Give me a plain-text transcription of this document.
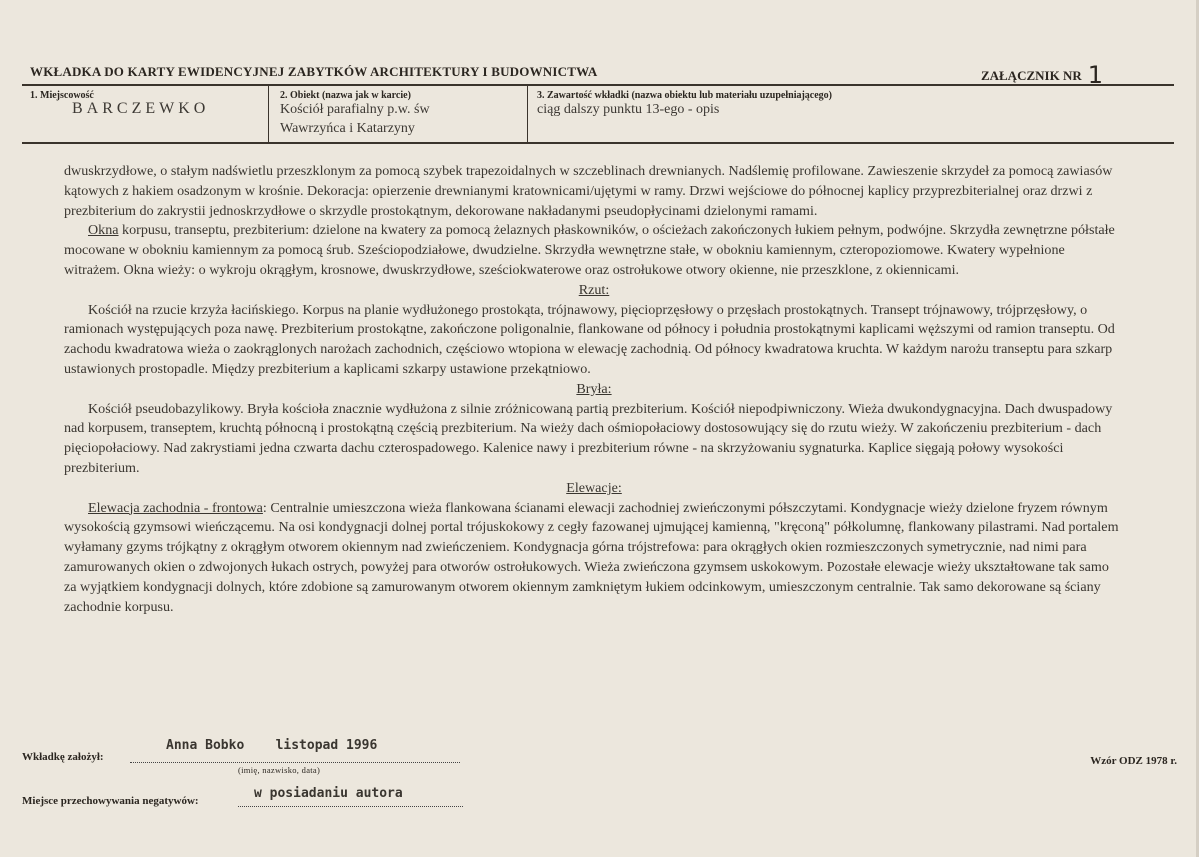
WKŁADKA DO KARTY EWIDENCYJNEJ ZABYTKÓW ARCHITEKTURY I BUDOWNICTWA	ZAŁĄCZNIK NR 1
1. Miejscowość
BARCZEWKO
2. Obiekt (nazwa jak w karcie)
Kościół parafialny p.w. św
Wawrzyńca i Katarzyny
3. Zawartość wkładki (nazwa obiektu lub materiału uzupełniającego)
ciąg dalszy punktu 13-ego - opis

dwuskrzydłowe, o stałym nadświetlu przeszklonym za pomocą szybek trapezoidalnych w szczeblinach drewnianych. Nadślemię profilowane. Zawieszenie skrzydeł za pomocą zawiasów kątowych z hakiem osadzonym w krośnie. Dekoracja: opierzenie drewnianymi kratownicami/ujętymi w ramy. Drzwi wejściowe do północnej kaplicy przyprezbiterialnej oraz drzwi z prezbiterium do zakrystii jednoskrzydłowe o skrzydle prostokątnym, dekorowane nakładanymi pseudopłycinami dzielonymi ramami.

Okna korpusu, transeptu, prezbiterium: dzielone na kwatery za pomocą żelaznych płaskowników, o ościeżach zakończonych łukiem pełnym, podwójne. Skrzydła zewnętrzne półstałe mocowane w obokniu kamiennym za pomocą śrub. Sześciopodziałowe, dwudzielne. Skrzydła wewnętrzne stałe, w obokniu kamiennym, czteropoziomowe. Kwatery wypełnione witrażem. Okna wieży: o wykroju okrągłym, krosnowe, dwuskrzydłowe, sześciokwaterowe oraz ostrołukowe otwory okienne, nie przeszklone, z okiennicami.

Rzut:

Kościół na rzucie krzyża łacińskiego. Korpus na planie wydłużonego prostokąta, trójnawowy, pięcioprzęsłowy o przęsłach prostokątnych. Transept trójnawowy, trójprzęsłowy, o ramionach występujących poza nawę. Prezbiterium prostokątne, zakończone poligonalnie, flankowane od północy i południa prostokątnymi kaplicami węższymi od ramion transeptu. Od zachodu kwadratowa wieża o zaokrąglonych narożach zachodnich, częściowo wtopiona w elewację zachodnią. Od północy kwadratowa kruchta. W każdym narożu transeptu para szkarp ustawionych prostopadle. Między prezbiterium a kaplicami szkarpy ustawione przekątniowo.

Bryła:

Kościół pseudobazylikowy. Bryła kościoła znacznie wydłużona z silnie zróżnicowaną partią prezbiterium. Kościół niepodpiwniczony. Wieża dwukondygnacyjna. Dach dwuspadowy nad korpusem, transeptem, kruchtą północną i prostokątną częścią prezbiterium. Na wieży dach ośmiopołaciowy dostosowujący się do rzutu wieży. W zakończeniu prezbiterium - dach pięciopołaciowy. Nad zakrystiami jedna czwarta dachu czterospadowego. Kalenice nawy i prezbiterium równe - na skrzyżowaniu sygnaturka. Kaplice sięgają połowy wysokości prezbiterium.

Elewacje:

Elewacja zachodnia - frontowa: Centralnie umieszczona wieża flankowana ścianami elewacji zachodniej zwieńczonymi półszczytami. Kondygnacje wieży dzielone fryzem równym wysokością gzymsowi wieńczącemu. Na osi kondygnacji dolnej portal trójuskokowy z cegły fazowanej ujmującej kamienną, "kręconą" półkolumnę, flankowany pilastrami. Nad portalem wyłamany gzyms trójkątny z okrągłym otworem okiennym nad zwieńczeniem. Kondygnacja górna trójstrefowa: para okrągłych okien rozmieszczonych symetrycznie, nad nimi para zamurowanych okien o zdwojonych łukach ostrych, powyżej para otworów ostrołukowych. Wieża zwieńczona gzymsem uskokowym. Pozostałe elewacje wieży ukształtowane tak samo za wyjątkiem kondygnacji dolnych, które zdobione są zamurowanym otworem okiennym zamkniętym łukiem odcinkowym, umieszczonym centralnie. Tak samo dekorowane są ściany zachodnie korpusu.

Wkładkę założył:
Anna Bobko    listopad 1996
(imię, nazwisko, data)
Miejsce przechowywania negatywów:	w posiadaniu autora
Wzór ODZ 1978 r.
